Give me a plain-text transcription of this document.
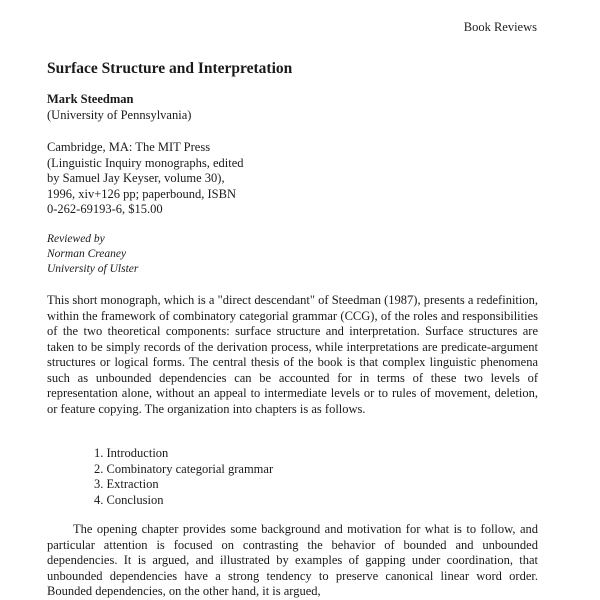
Book Reviews
Surface Structure and Interpretation
Mark Steedman
(University of Pennsylvania)
Cambridge, MA: The MIT Press
(Linguistic Inquiry monographs, edited
by Samuel Jay Keyser, volume 30),
1996, xiv+126 pp; paperbound, ISBN
0-262-69193-6, $15.00
Reviewed by
Norman Creaney
University of Ulster

This short monograph, which is a "direct descendant" of Steedman (1987), presents a redefinition, within the framework of combinatory categorial grammar (CCG), of the roles and responsibilities of the two theoretical components: surface structure and interpretation. Surface structures are taken to be simply records of the derivation process, while interpretations are predicate-argument structures or logical forms. The central thesis of the book is that complex linguistic phenomena such as unbounded dependencies can be accounted for in terms of these two levels of representation alone, without an appeal to intermediate levels or to rules of movement, deletion, or feature copying. The organization into chapters is as follows.

1. Introduction
2. Combinatory categorial grammar
3. Extraction
4. Conclusion

The opening chapter provides some background and motivation for what is to follow, and particular attention is focused on contrasting the behavior of bounded and unbounded dependencies. It is argued, and illustrated by examples of gapping under coordination, that unbounded dependencies have a strong tendency to preserve canonical linear word order. Bounded dependencies, on the other hand, it is argued,
